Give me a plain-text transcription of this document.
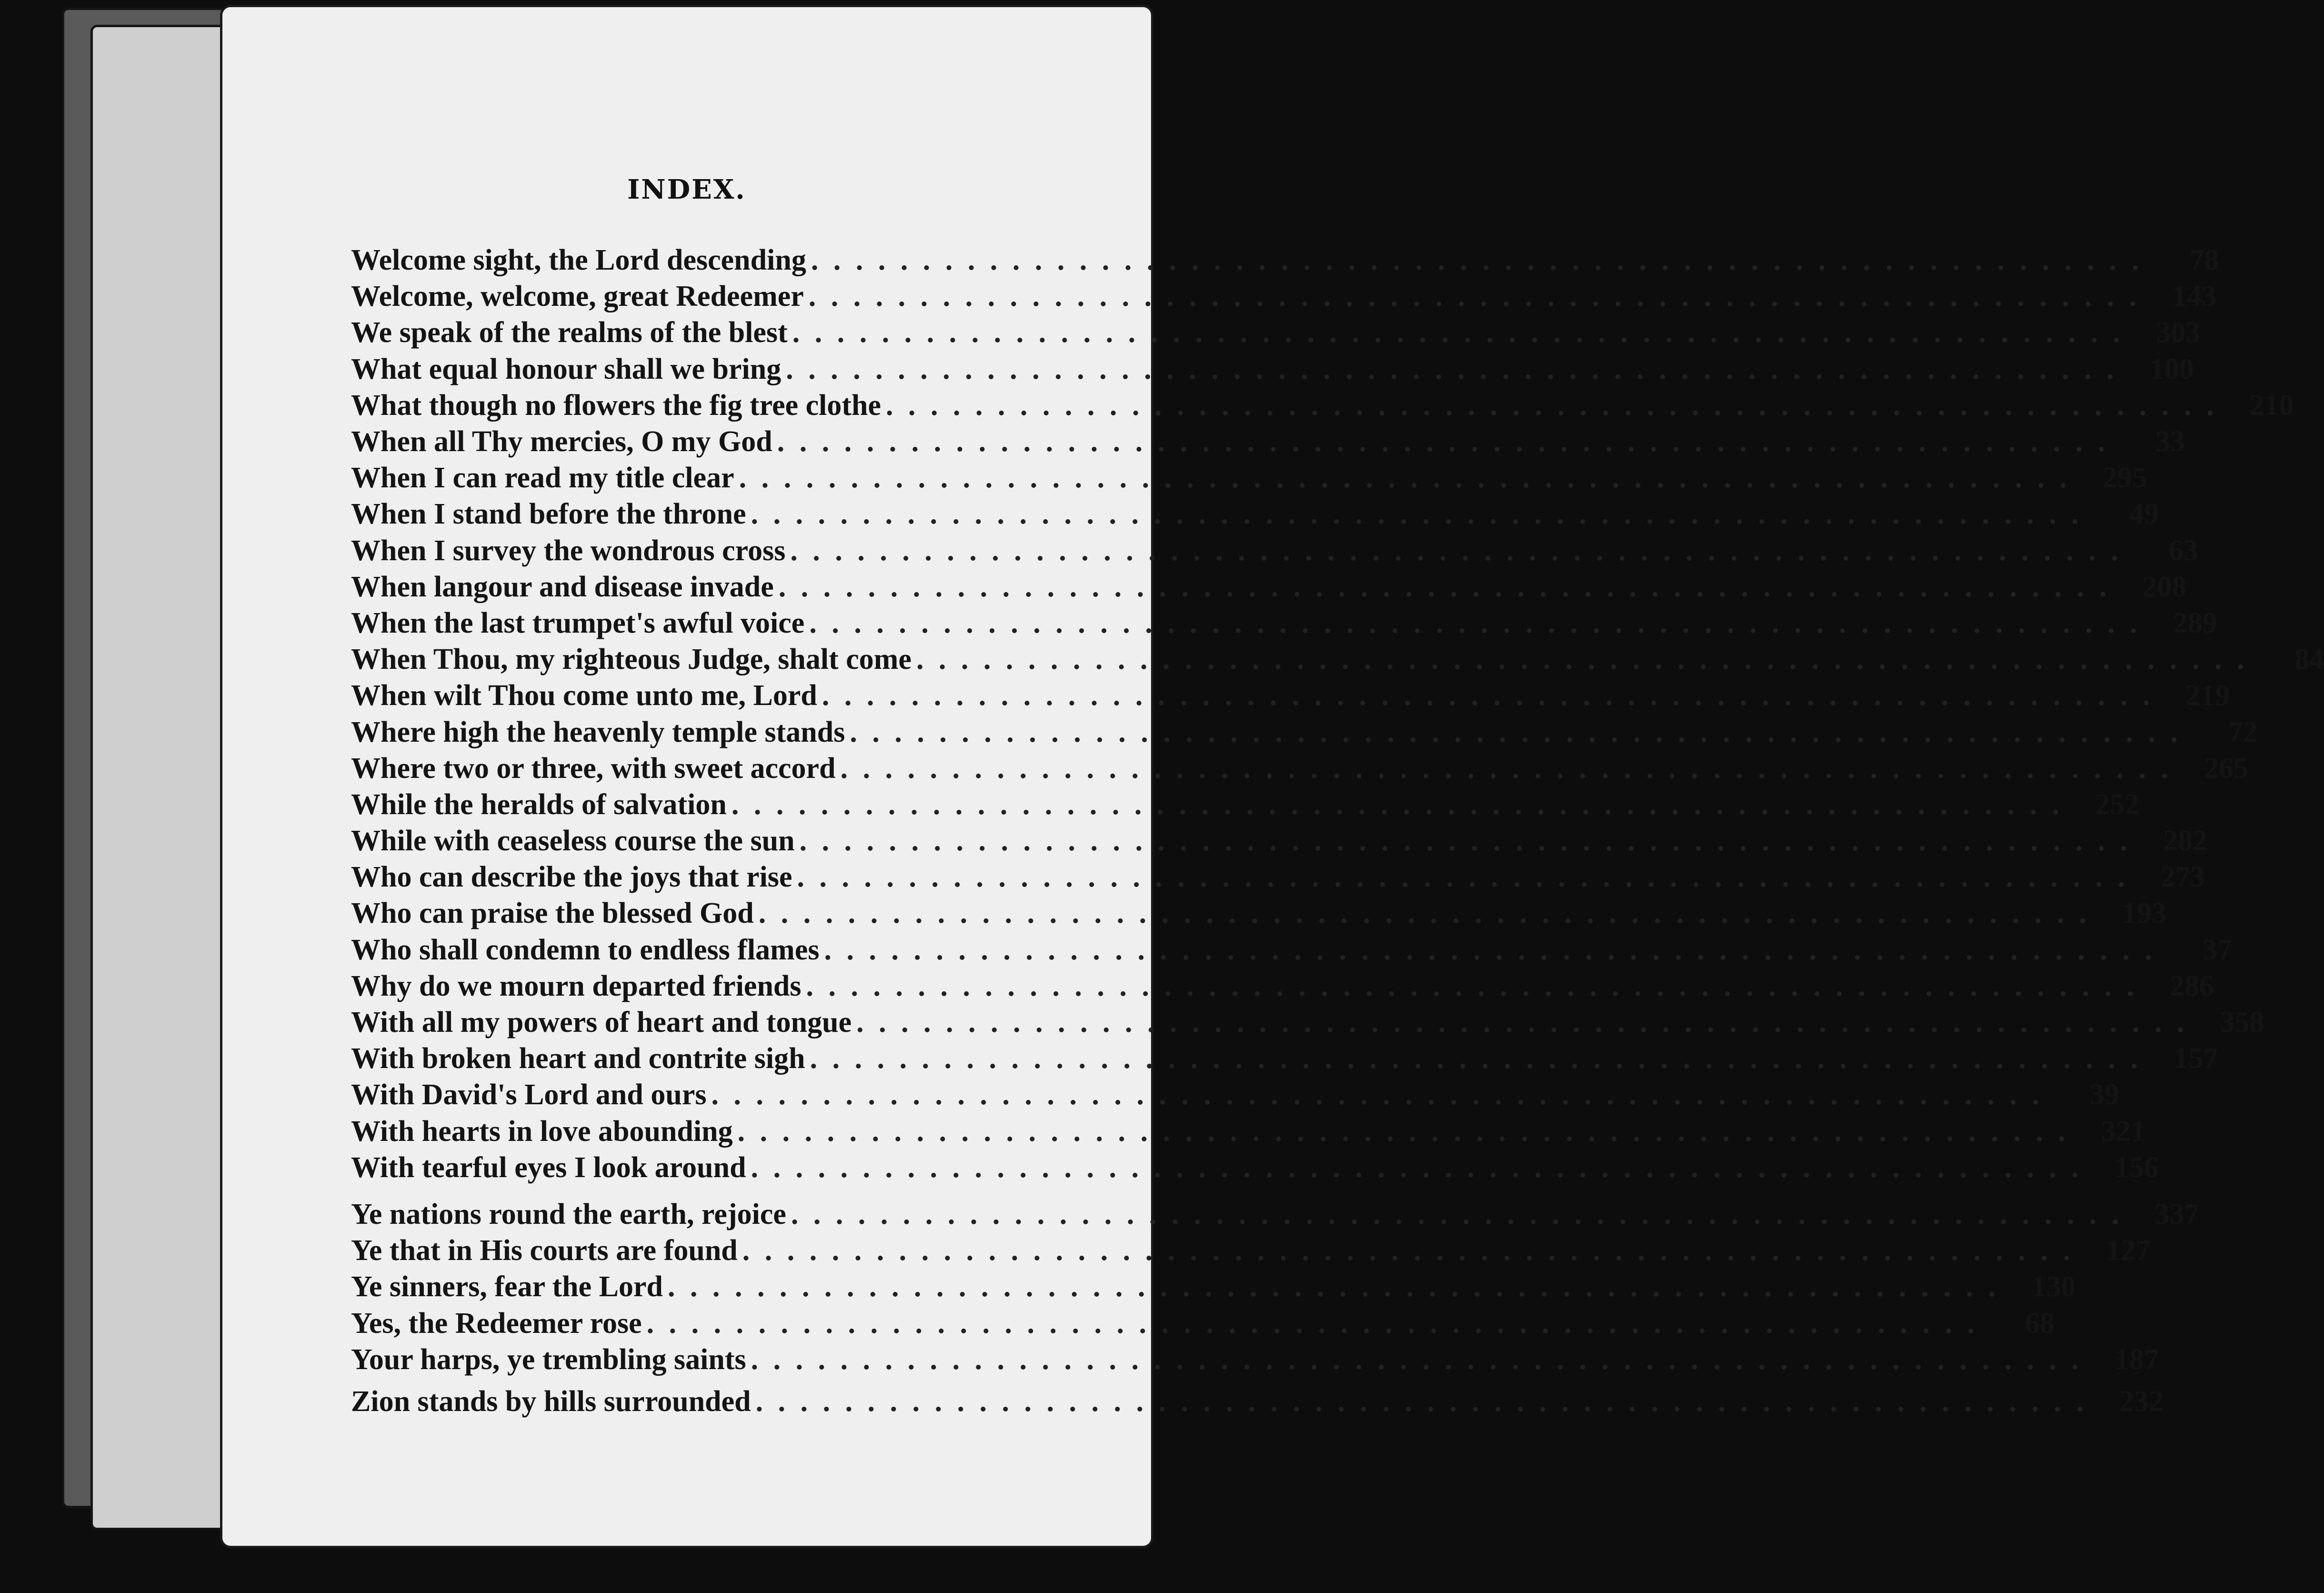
INDEX.
Welcome sight, the Lord descending . . .	78
Welcome, welcome, great Redeemer . . .	143
We speak of the realms of the blest . . .	303
What equal honour shall we bring . . .	100
What though no flowers the fig tree clothe . . .	210
When all Thy mercies, O my God . . .	33
When I can read my title clear . . .	295
When I stand before the throne . . .	49
When I survey the wondrous cross . . .	63
When langour and disease invade . . .	208
When the last trumpet's awful voice . . .	289
When Thou, my righteous Judge, shalt come . . .	84
When wilt Thou come unto me, Lord . . .	219
Where high the heavenly temple stands . . .	72
Where two or three, with sweet accord . . .	265
While the heralds of salvation . . .	252
While with ceaseless course the sun . . .	282
Who can describe the joys that rise . . .	273
Who can praise the blessed God . . .	193
Who shall condemn to endless flames . . .	37
Why do we mourn departed friends . . .	286
With all my powers of heart and tongue . . .	358
With broken heart and contrite sigh . . .	157
With David's Lord and ours . . .	39
With hearts in love abounding . . .	321
With tearful eyes I look around . . .	156
Ye nations round the earth, rejoice . . .	337
Ye that in His courts are found . . .	127
Ye sinners, fear the Lord . . .	130
Yes, the Redeemer rose . . .	68
Your harps, ye trembling saints . . .	187
Zion stands by hills surrounded . . .	232
